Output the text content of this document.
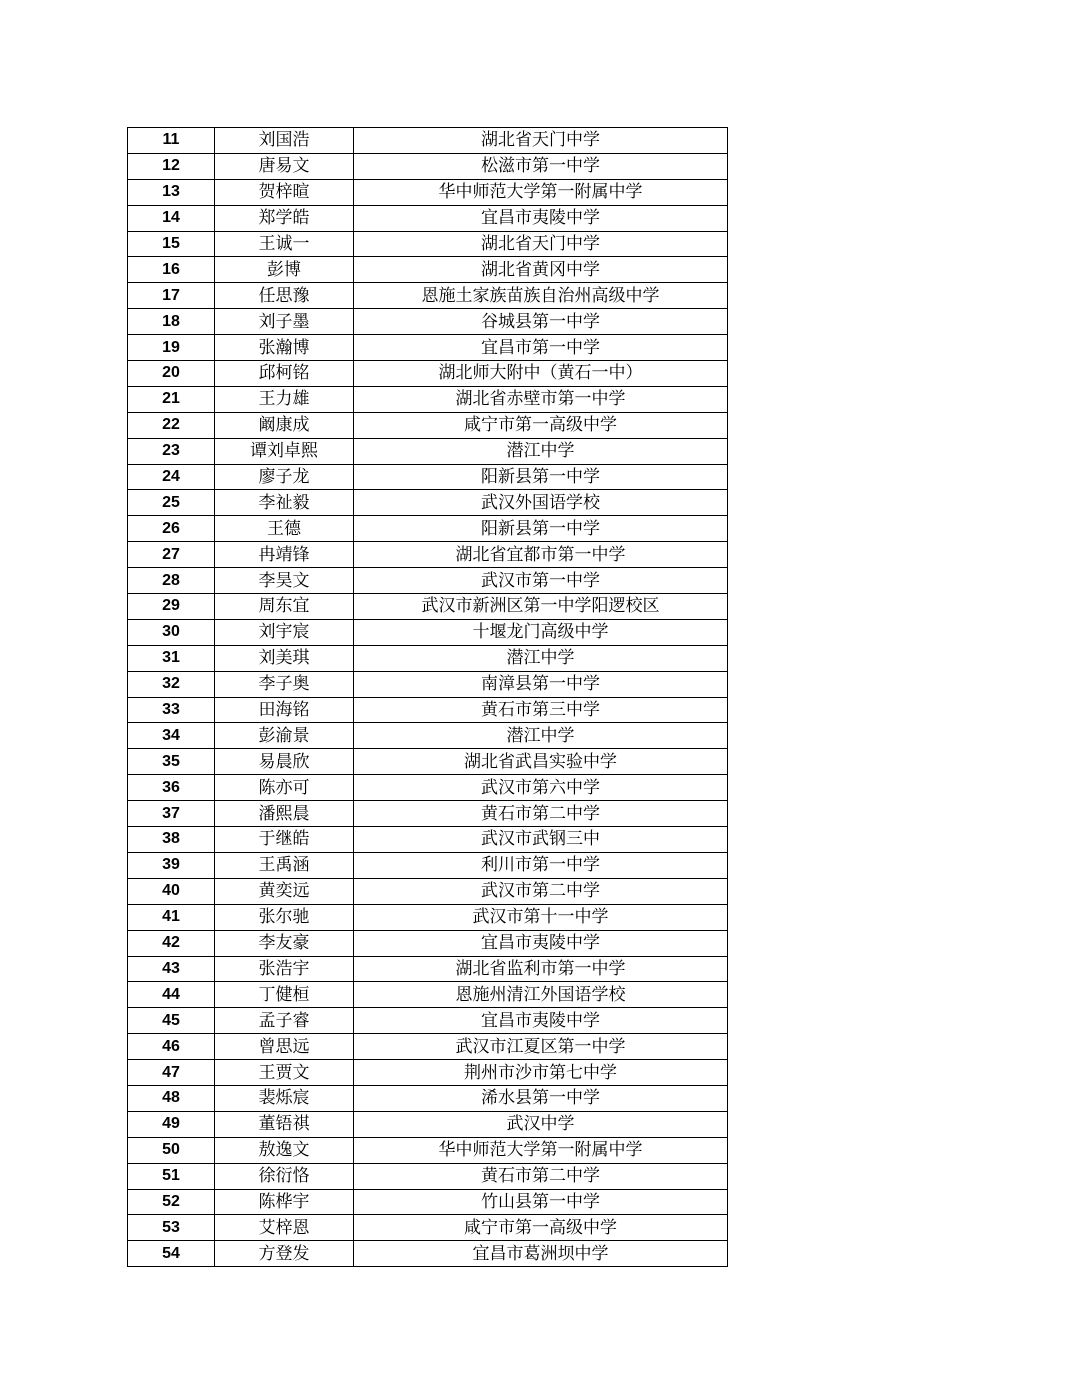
11	刘国浩	湖北省天门中学
12	唐易文	松滋市第一中学
13	贺梓暄	华中师范大学第一附属中学
14	郑学皓	宜昌市夷陵中学
15	王诚一	湖北省天门中学
16	彭博	湖北省黄冈中学
17	任思豫	恩施土家族苗族自治州高级中学
18	刘子墨	谷城县第一中学
19	张瀚博	宜昌市第一中学
20	邱柯铭	湖北师大附中（黄石一中）
21	王力雄	湖北省赤壁市第一中学
22	阚康成	咸宁市第一高级中学
23	谭刘卓熙	潜江中学
24	廖子龙	阳新县第一中学
25	李祉毅	武汉外国语学校
26	王德	阳新县第一中学
27	冉靖锋	湖北省宜都市第一中学
28	李昊文	武汉市第一中学
29	周东宜	武汉市新洲区第一中学阳逻校区
30	刘宇宸	十堰龙门高级中学
31	刘美琪	潜江中学
32	李子奥	南漳县第一中学
33	田海铭	黄石市第三中学
34	彭渝景	潜江中学
35	易晨欣	湖北省武昌实验中学
36	陈亦可	武汉市第六中学
37	潘熙晨	黄石市第二中学
38	于继皓	武汉市武钢三中
39	王禹涵	利川市第一中学
40	黄奕远	武汉市第二中学
41	张尔驰	武汉市第十一中学
42	李友豪	宜昌市夷陵中学
43	张浩宇	湖北省监利市第一中学
44	丁健桓	恩施州清江外国语学校
45	孟子睿	宜昌市夷陵中学
46	曾思远	武汉市江夏区第一中学
47	王贾文	荆州市沙市第七中学
48	裴烁宸	浠水县第一中学
49	董铻祺	武汉中学
50	敖逸文	华中师范大学第一附属中学
51	徐衍恪	黄石市第二中学
52	陈桦宇	竹山县第一中学
53	艾梓恩	咸宁市第一高级中学
54	方登发	宜昌市葛洲坝中学
